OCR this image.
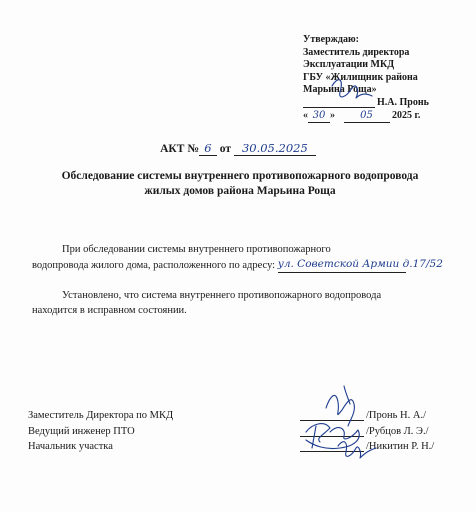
Утверждаю:
Заместитель директора
Эксплуатации МКД
ГБУ «Жилищник района
Марьина Роща»
Н.А. Пронь
« 30 »	05 2025 г.
АКТ № 6 от 30.05.2025
Обследование системы внутреннего противопожарного водопровода
жилых домов района Марьина Роща
При обследовании системы внутреннего противопожарного
водопровода жилого дома, расположенного по адресу: ул. Советской Армии д.17/52
Установлено, что система внутреннего противопожарного водопровода
находится в исправном состоянии.
Заместитель Директора по МКД
Ведущий инженер ПТО
Начальник участка
/Пронь Н. А./
/Рубцов Л. Э./
/Никитин Р. Н./
